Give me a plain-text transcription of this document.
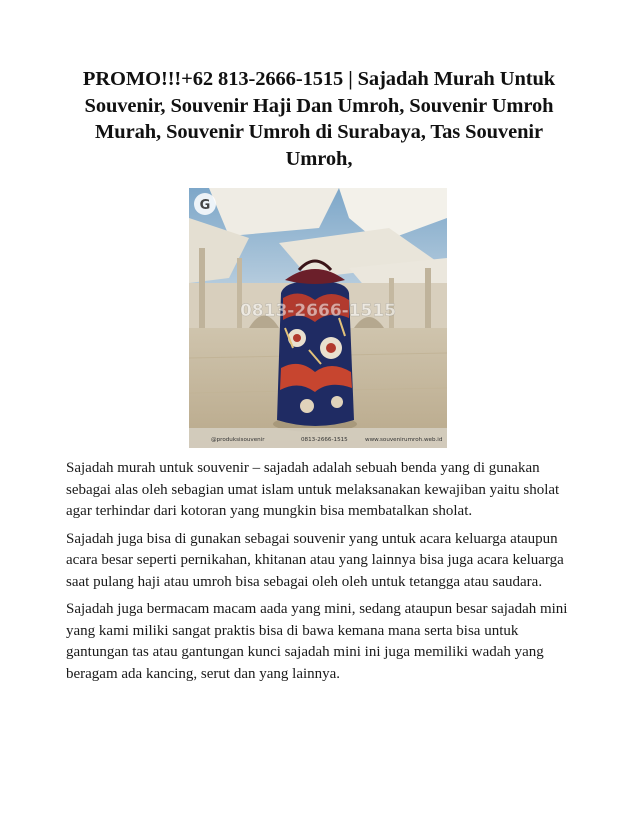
PROMO!!!+62 813-2666-1515 | Sajadah Murah Untuk Souvenir, Souvenir Haji Dan Umroh, Souvenir Umroh Murah, Souvenir Umroh di Surabaya, Tas Souvenir Umroh,
0813-2666-1515
G
@produksisouvenir	0813-2666-1515	www.souvenirumroh.web.id

Sajadah murah untuk souvenir – sajadah adalah sebuah benda yang di gunakan sebagai alas oleh sebagian umat islam untuk melaksanakan kewajiban yaitu sholat agar terhindar dari kotoran yang mungkin bisa membatalkan sholat.

Sajadah juga bisa di gunakan sebagai souvenir yang untuk acara keluarga ataupun acara besar seperti pernikahan, khitanan atau yang lainnya bisa juga acara keluarga saat pulang haji atau umroh bisa sebagai oleh oleh untuk tetangga atau saudara.

Sajadah juga bermacam macam aada yang mini, sedang ataupun besar sajadah mini yang kami miliki sangat praktis bisa di bawa kemana mana serta bisa untuk gantungan tas atau gantungan kunci sajadah mini ini juga memiliki wadah yang beragam ada kancing, serut dan yang lainnya.
